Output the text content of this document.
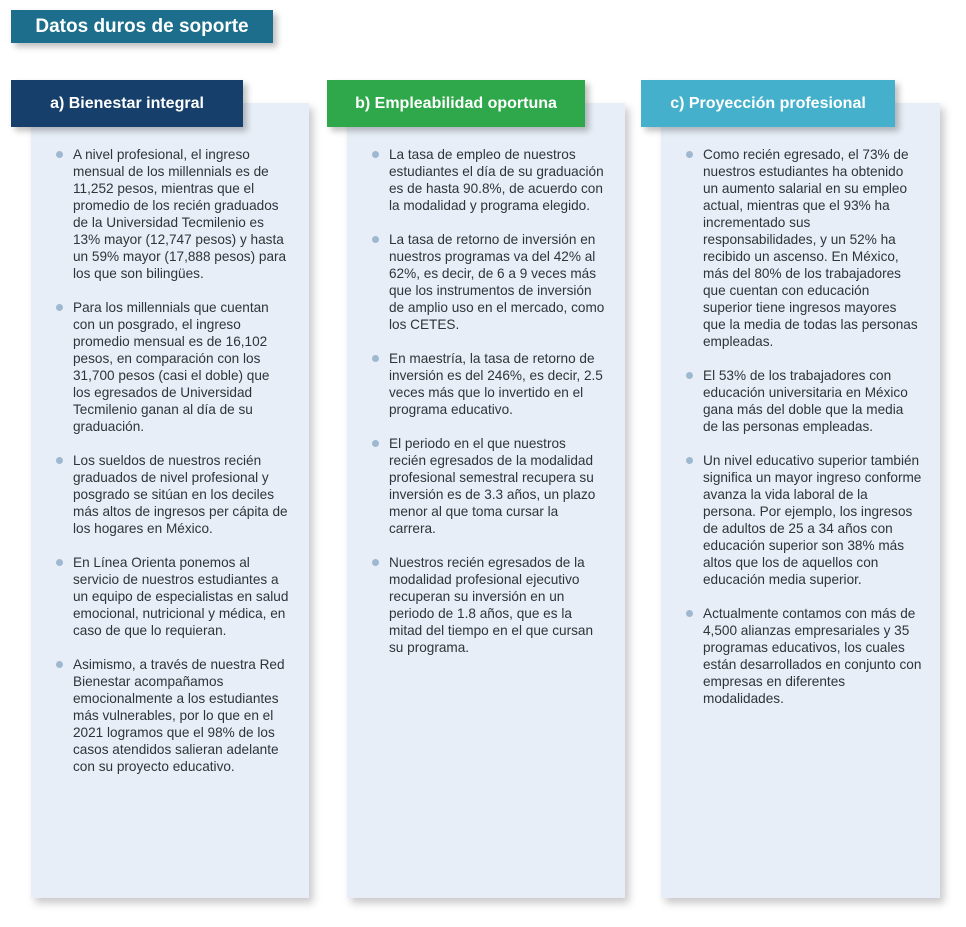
Datos duros de soporte
a) Bienestar integral
A nivel profesional, el ingreso mensual de los millennials es de 11,252 pesos, mientras que el promedio de los recién graduados de la Universidad Tecmilenio es 13% mayor (12,747 pesos) y hasta un 59% mayor (17,888 pesos) para los que son bilingües.
Para los millennials que cuentan con un posgrado, el ingreso promedio mensual es de 16,102 pesos, en comparación con los 31,700 pesos (casi el doble) que los egresados de Universidad Tecmilenio ganan al día de su graduación.
Los sueldos de nuestros recién graduados de nivel profesional y posgrado se sitúan en los deciles más altos de ingresos per cápita de los hogares en México.
En Línea Orienta ponemos al servicio de nuestros estudiantes a un equipo de especialistas en salud emocional, nutricional y médica, en caso de que lo requieran.
Asimismo, a través de nuestra Red Bienestar acompañamos emocionalmente a los estudiantes más vulnerables, por lo que en el 2021 logramos que el 98% de los casos atendidos salieran adelante con su proyecto educativo.
b) Empleabilidad oportuna
La tasa de empleo de nuestros estudiantes el día de su graduación es de hasta 90.8%, de acuerdo con la modalidad y programa elegido.
La tasa de retorno de inversión en nuestros programas va del 42% al 62%, es decir, de 6 a 9 veces más que los instrumentos de inversión de amplio uso en el mercado, como los CETES.
En maestría, la tasa de retorno de inversión es del 246%, es decir, 2.5 veces más que lo invertido en el programa educativo.
El periodo en el que nuestros recién egresados de la modalidad profesional semestral recupera su inversión es de 3.3 años, un plazo menor al que toma cursar la carrera.
Nuestros recién egresados de la modalidad profesional ejecutivo recuperan su inversión en un periodo de 1.8 años, que es la mitad del tiempo en el que cursan su programa.
c) Proyección profesional
Como recién egresado, el 73% de nuestros estudiantes ha obtenido un aumento salarial en su empleo actual, mientras que el 93% ha incrementado sus responsabilidades, y un 52% ha recibido un ascenso. En México, más del 80% de los trabajadores que cuentan con educación superior tiene ingresos mayores que la media de todas las personas empleadas.
El 53% de los trabajadores con educación universitaria en México gana más del doble que la media de las personas empleadas.
Un nivel educativo superior también significa un mayor ingreso conforme avanza la vida laboral de la persona. Por ejemplo, los ingresos de adultos de 25 a 34 años con educación superior son 38% más altos que los de aquellos con educación media superior.
Actualmente contamos con más de 4,500 alianzas empresariales y 35 programas educativos, los cuales están desarrollados en conjunto con empresas en diferentes modalidades.
